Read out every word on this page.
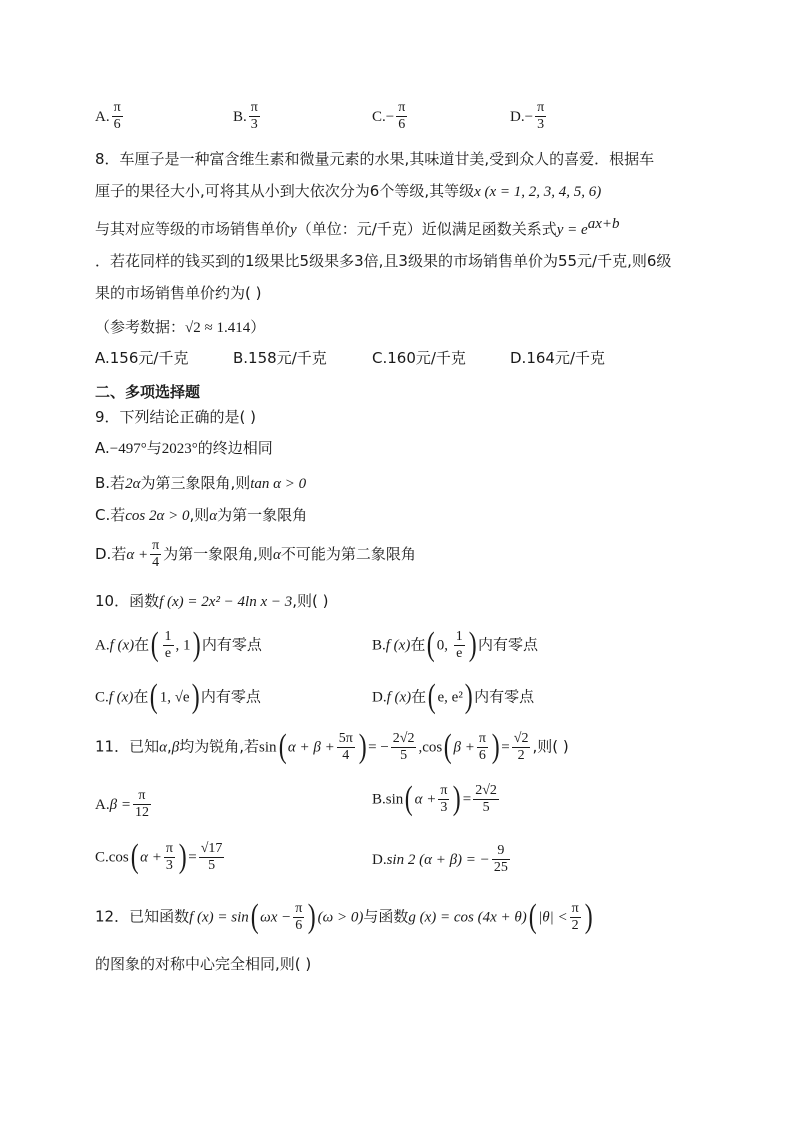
A. $\frac{\pi}{6}$	B. $\frac{\pi}{3}$	$C.- \frac{\pi}{6}$	$D.- \frac{\pi}{3}$
8．车厘子是一种富含维生素和微量元素的水果,其味道甘美,受到众人的喜爱．根据车
厘子的果径大小,可将其从小到大依次分为6个等级,其等级x (x = 1, 2, 3, 4, 5, 6)
与其对应等级的市场销售单价y（单位：元/千克）近似满足函数关系式$y = e^{ax+b}$
．若花同样的钱买到的1级果比5级果多3倍,且3级果的市场销售单价为55元/千克,则6级
果的市场销售单价约为( )
（参考数据：√2 ≈ 1.414）
A.156元/千克	B.158元/千克	C.160元/千克	D.164元/千克
二、多项选择题
9．下列结论正确的是( )
A.−497°与2023°的终边相同
B.若2α为第三象限角,则tan α > 0
C.若cos 2α > 0,则α为第一象限角
D.若$\alpha + \frac{\pi}{4}$ 为第一象限角,则α不可能为第二象限角
10．函数f (x) = 2x² − 4ln x − 3,则( )
A.f (x)在( $\frac{1}{e}$ , 1) 内有零点	B.f (x)在( 0, $\frac{1}{e}$ ) 内有零点
C.f (x)在( 1, √e) 内有零点	D.f (x)在( e, e²) 内有零点
11．已知α,β均为锐角,若sin( $\alpha + \beta + \frac{5\pi}{4}$ ) = − $\frac{2√2}{5} ,\cos$( $\beta + \frac{\pi}{6}$ ) = $\frac{√2}{2}$ ,则( )
$A.\beta = \frac{\pi}{12}$	B.sin( $\alpha + \frac{\pi}{3}$ ) = $\frac{2√2}{5}$
C.cos( $\alpha + \frac{\pi}{3}$ ) = $\frac{√17}{5}$	D.sin 2 (α + β) = − $\frac{9}{25}$
12．已知函数f (x) = sin( $\omega x - \frac{\pi}{6}$ ) (ω > 0)与函数g (x) = cos (4x + θ)( $|\theta| < \frac{\pi}{2}$ )
的图象的对称中心完全相同,则( )
